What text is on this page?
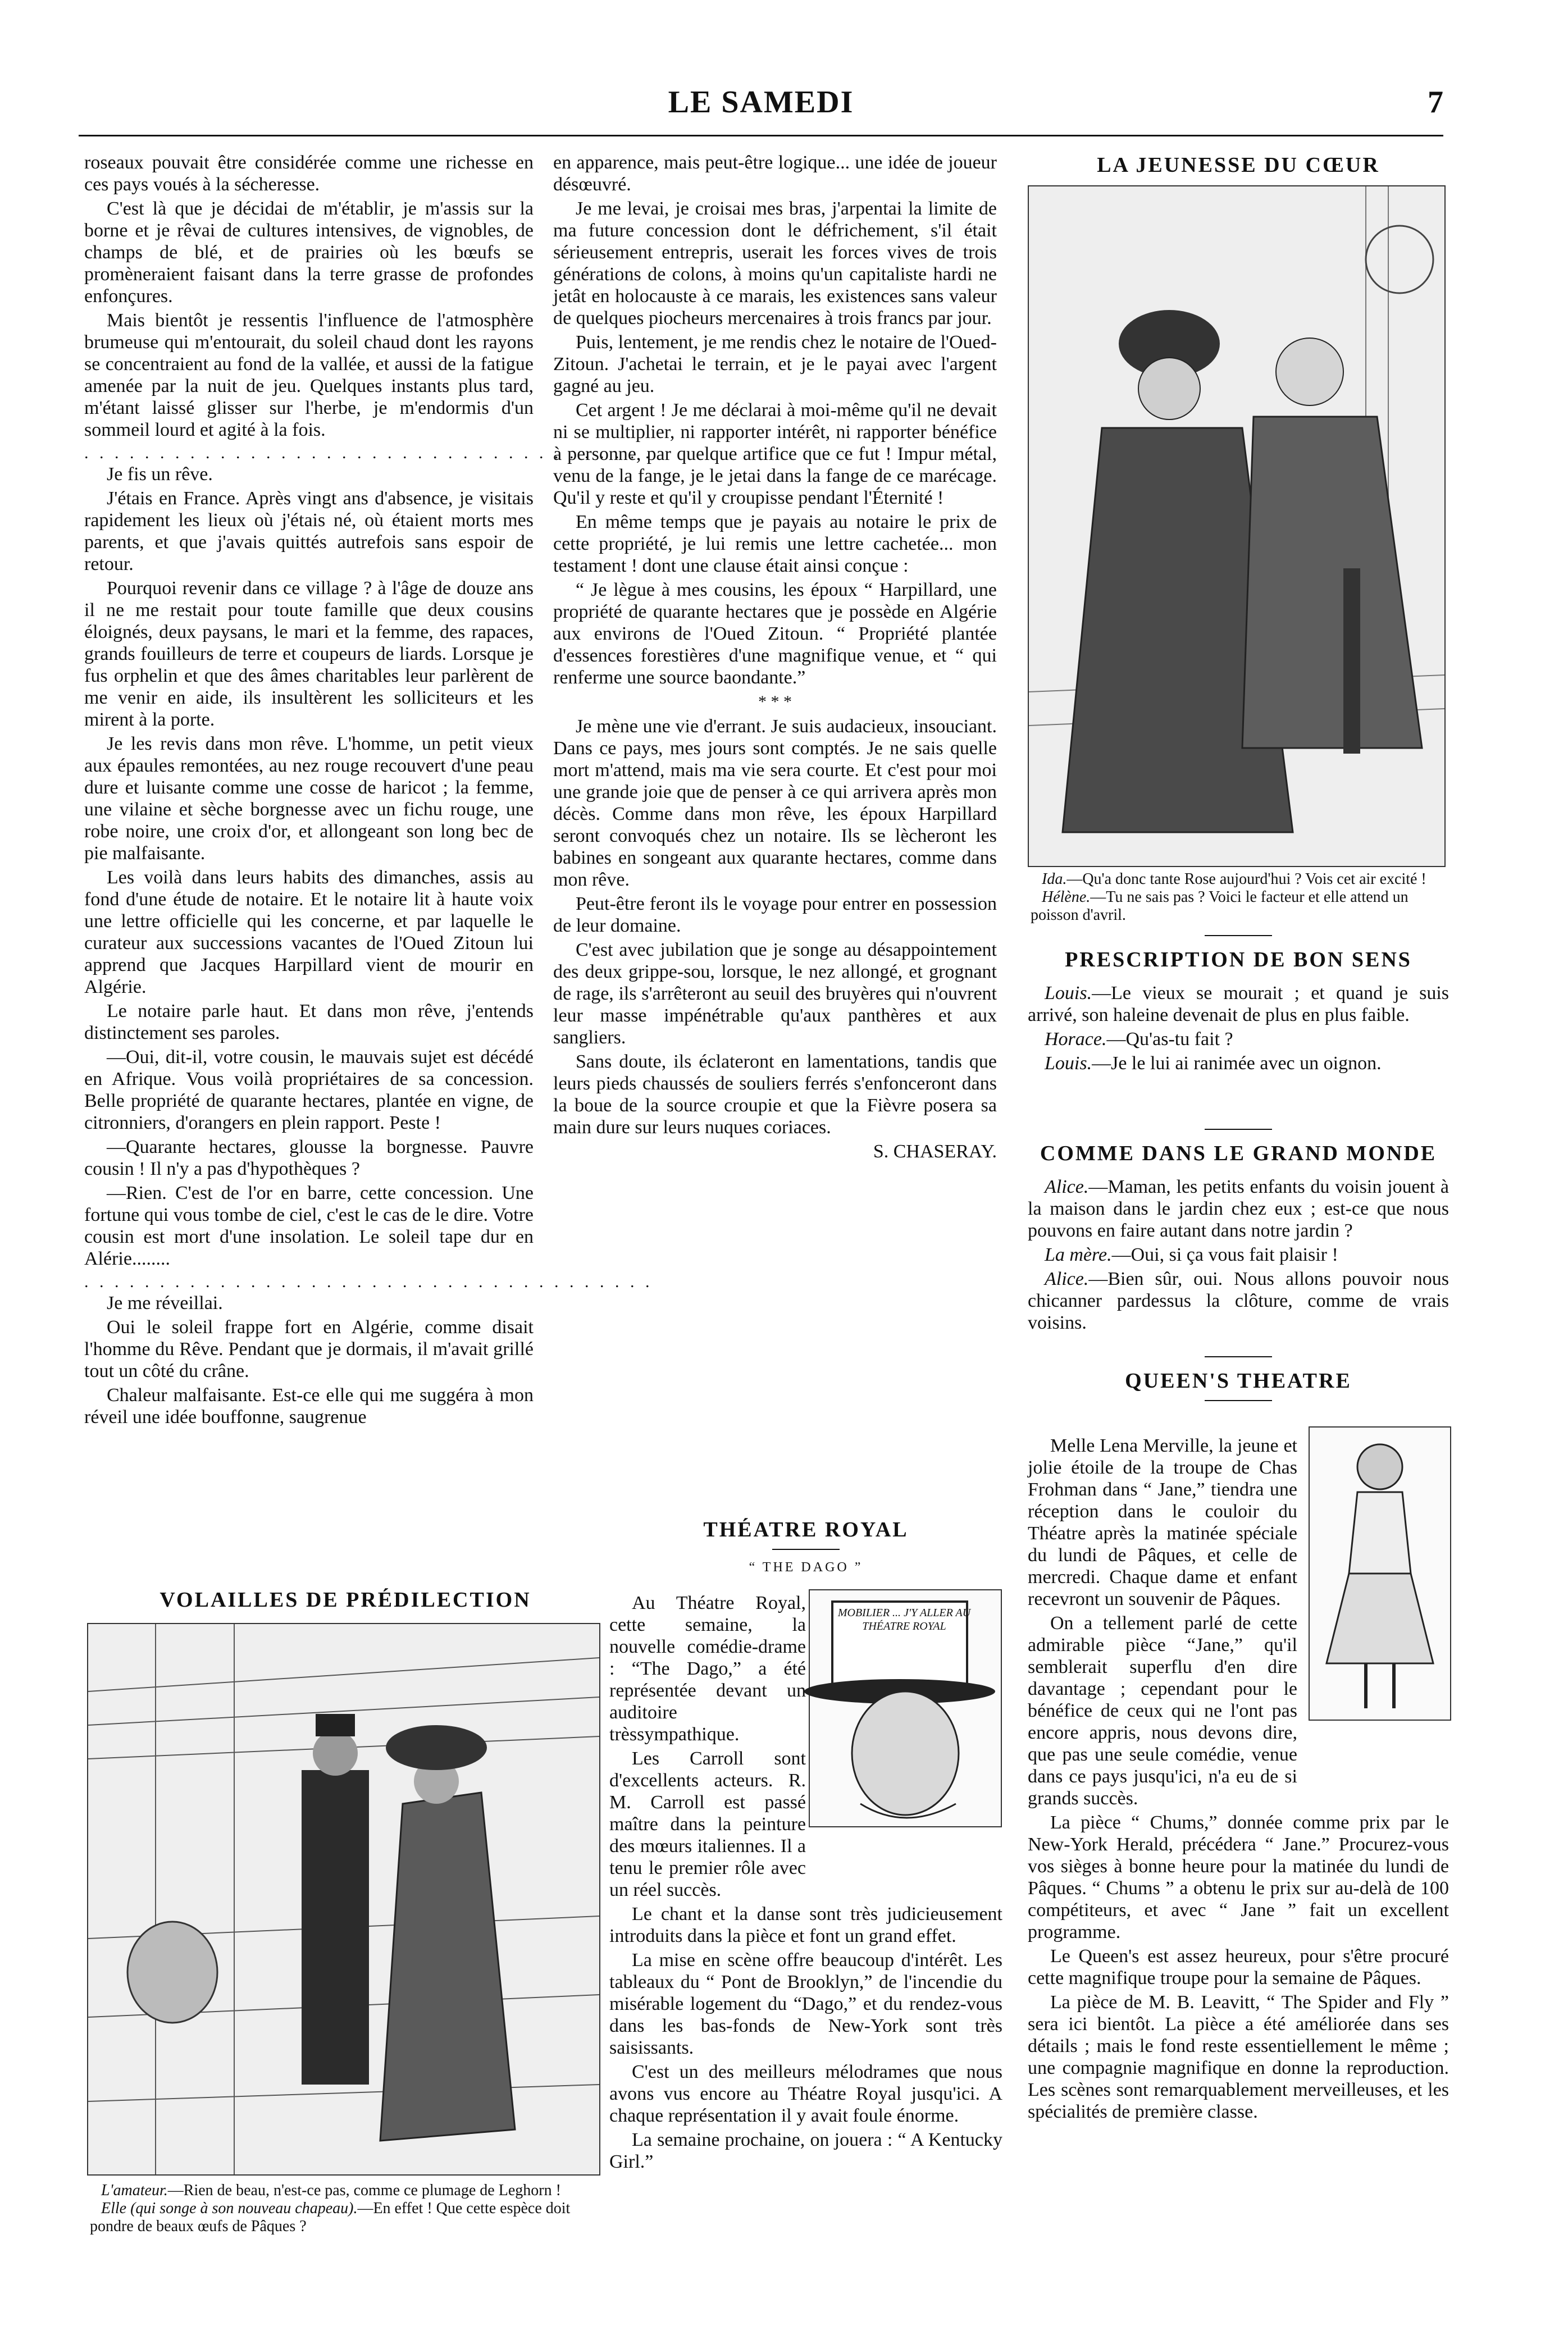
LE SAMEDI	7

roseaux pouvait être considérée comme une richesse en ces pays voués à la sécheresse.

C'est là que je décidai de m'établir, je m'assis sur la borne et je rêvai de cultures intensives, de vignobles, de champs de blé, et de prairies où les bœufs se promèneraient faisant dans la terre grasse de profondes enfonçures.

Mais bientôt je ressentis l'influence de l'atmosphère brumeuse qui m'entourait, du soleil chaud dont les rayons se concentraient au fond de la vallée, et aussi de la fatigue amenée par la nuit de jeu. Quelques instants plus tard, m'étant laissé glisser sur l'herbe, je m'endormis d'un sommeil lourd et agité à la fois.

. . . . . . . . . . . . . . . . . . . . . . . . . . . . . . . . . . . . . .

Je fis un rêve.

J'étais en France. Après vingt ans d'absence, je visitais rapidement les lieux où j'étais né, où étaient morts mes parents, et que j'avais quittés autrefois sans espoir de retour.

Pourquoi revenir dans ce village ? à l'âge de douze ans il ne me restait pour toute famille que deux cousins éloignés, deux paysans, le mari et la femme, des rapaces, grands fouilleurs de terre et coupeurs de liards. Lorsque je fus orphelin et que des âmes charitables leur parlèrent de me venir en aide, ils insultèrent les solliciteurs et les mirent à la porte.

Je les revis dans mon rêve. L'homme, un petit vieux aux épaules remontées, au nez rouge recouvert d'une peau dure et luisante comme une cosse de haricot ; la femme, une vilaine et sèche borgnesse avec un fichu rouge, une robe noire, une croix d'or, et allongeant son long bec de pie malfaisante.

Les voilà dans leurs habits des dimanches, assis au fond d'une étude de notaire. Et le notaire lit à haute voix une lettre officielle qui les concerne, et par laquelle le curateur aux successions vacantes de l'Oued Zitoun lui apprend que Jacques Harpillard vient de mourir en Algérie.

Le notaire parle haut. Et dans mon rêve, j'entends distinctement ses paroles.

—Oui, dit-il, votre cousin, le mauvais sujet est décédé en Afrique. Vous voilà propriétaires de sa concession. Belle propriété de quarante hectares, plantée en vigne, de citronniers, d'orangers en plein rapport. Peste !

—Quarante hectares, glousse la borgnesse. Pauvre cousin ! Il n'y a pas d'hypothèques ?

—Rien. C'est de l'or en barre, cette concession. Une fortune qui vous tombe de ciel, c'est le cas de le dire. Votre cousin est mort d'une insolation. Le soleil tape dur en Alérie........

. . . . . . . . . . . . . . . . . . . . . . . . . . . . . . . . . . . . . .

Je me réveillai.

Oui le soleil frappe fort en Algérie, comme disait l'homme du Rêve. Pendant que je dormais, il m'avait grillé tout un côté du crâne.

Chaleur malfaisante. Est-ce elle qui me suggéra à mon réveil une idée bouffonne, saugrenue

VOLAILLES DE PRÉDILECTION

L'amateur.—Rien de beau, n'est-ce pas, comme ce plumage de Leghorn !

Elle (qui songe à son nouveau chapeau).—En effet ! Que cette espèce doit pondre de beaux œufs de Pâques ?

en apparence, mais peut-être logique... une idée de joueur désœuvré.

Je me levai, je croisai mes bras, j'arpentai la limite de ma future concession dont le défrichement, s'il était sérieusement entrepris, userait les forces vives de trois générations de colons, à moins qu'un capitaliste hardi ne jetât en holocauste à ce marais, les existences sans valeur de quelques piocheurs mercenaires à trois francs par jour.

Puis, lentement, je me rendis chez le notaire de l'Oued-Zitoun. J'achetai le terrain, et je le payai avec l'argent gagné au jeu.

Cet argent ! Je me déclarai à moi-même qu'il ne devait ni se multiplier, ni rapporter intérêt, ni rapporter bénéfice à personne, par quelque artifice que ce fut ! Impur métal, venu de la fange, je le jetai dans la fange de ce marécage. Qu'il y reste et qu'il y croupisse pendant l'Éternité !

En même temps que je payais au notaire le prix de cette propriété, je lui remis une lettre cachetée... mon testament ! dont une clause était ainsi conçue :

“ Je lègue à mes cousins, les époux “ Harpillard, une propriété de quarante hectares que je possède en Algérie aux environs de l'Oued Zitoun. “ Propriété plantée d'essences forestières d'une magnifique venue, et “ qui renferme une source baondante.”

* * *

Je mène une vie d'errant. Je suis audacieux, insouciant. Dans ce pays, mes jours sont comptés. Je ne sais quelle mort m'attend, mais ma vie sera courte. Et c'est pour moi une grande joie que de penser à ce qui arrivera après mon décès. Comme dans mon rêve, les époux Harpillard seront convoqués chez un notaire. Ils se lècheront les babines en songeant aux quarante hectares, comme dans mon rêve.

Peut-être feront ils le voyage pour entrer en possession de leur domaine.

C'est avec jubilation que je songe au désappointement des deux grippe-sou, lorsque, le nez allongé, et grognant de rage, ils s'arrêteront au seuil des bruyères qui n'ouvrent leur masse impénétrable qu'aux panthères et aux sangliers.

Sans doute, ils éclateront en lamentations, tandis que leurs pieds chaussés de souliers ferrés s'enfonceront dans la boue de la source croupie et que la Fièvre posera sa main dure sur leurs nuques coriaces.

S. CHASERAY.

THÉATRE ROYAL
“ THE DAGO ”
MOBILIER ... J'Y ALLER AU THÉATRE ROYAL

Au Théatre Royal, cette semaine, la nouvelle comédie-drame : “The Dago,” a été représentée devant un auditoire trèssympathique.

Les Carroll sont d'excellents acteurs. R. M. Carroll est passé maître dans la peinture des mœurs italiennes. Il a tenu le premier rôle avec un réel succès.

Le chant et la danse sont très judicieusement introduits dans la pièce et font un grand effet.

La mise en scène offre beaucoup d'intérêt. Les tableaux du “ Pont de Brooklyn,” de l'incendie du misérable logement du “Dago,” et du rendez-vous dans les bas-fonds de New-York sont très saisissants.

C'est un des meilleurs mélodrames que nous avons vus encore au Théatre Royal jusqu'ici. A chaque représentation il y avait foule énorme.

La semaine prochaine, on jouera : “ A Kentucky Girl.”

LA JEUNESSE DU CŒUR

Ida.—Qu'a donc tante Rose aujourd'hui ? Vois cet air excité !

Hélène.—Tu ne sais pas ? Voici le facteur et elle attend un poisson d'avril.

PRESCRIPTION DE BON SENS

Louis.—Le vieux se mourait ; et quand je suis arrivé, son haleine devenait de plus en plus faible.

Horace.—Qu'as-tu fait ?

Louis.—Je le lui ai ranimée avec un oignon.

COMME DANS LE GRAND MONDE

Alice.—Maman, les petits enfants du voisin jouent à la maison dans le jardin chez eux ; est-ce que nous pouvons en faire autant dans notre jardin ?

La mère.—Oui, si ça vous fait plaisir !

Alice.—Bien sûr, oui. Nous allons pouvoir nous chicanner pardessus la clôture, comme de vrais voisins.

QUEEN'S THEATRE

Melle Lena Merville, la jeune et jolie étoile de la troupe de Chas Frohman dans “ Jane,” tiendra une réception dans le couloir du Théatre après la matinée spéciale du lundi de Pâques, et celle de mercredi. Chaque dame et enfant recevront un souvenir de Pâques.

On a tellement parlé de cette admirable pièce “Jane,” qu'il semblerait superflu d'en dire davantage ; cependant pour le bénéfice de ceux qui ne l'ont pas encore appris, nous devons dire, que pas une seule comédie, venue dans ce pays jusqu'ici, n'a eu de si grands succès.

La pièce “ Chums,” donnée comme prix par le New-York Herald, précédera “ Jane.” Procurez-vous vos sièges à bonne heure pour la matinée du lundi de Pâques. “ Chums ” a obtenu le prix sur au-delà de 100 compétiteurs, et avec “ Jane ” fait un excellent programme.

Le Queen's est assez heureux, pour s'être procuré cette magnifique troupe pour la semaine de Pâques.

La pièce de M. B. Leavitt, “ The Spider and Fly ” sera ici bientôt. La pièce a été améliorée dans ses détails ; mais le fond reste essentiellement le même ; une compagnie magnifique en donne la reproduction. Les scènes sont remarquablement merveilleuses, et les spécialités de première classe.
